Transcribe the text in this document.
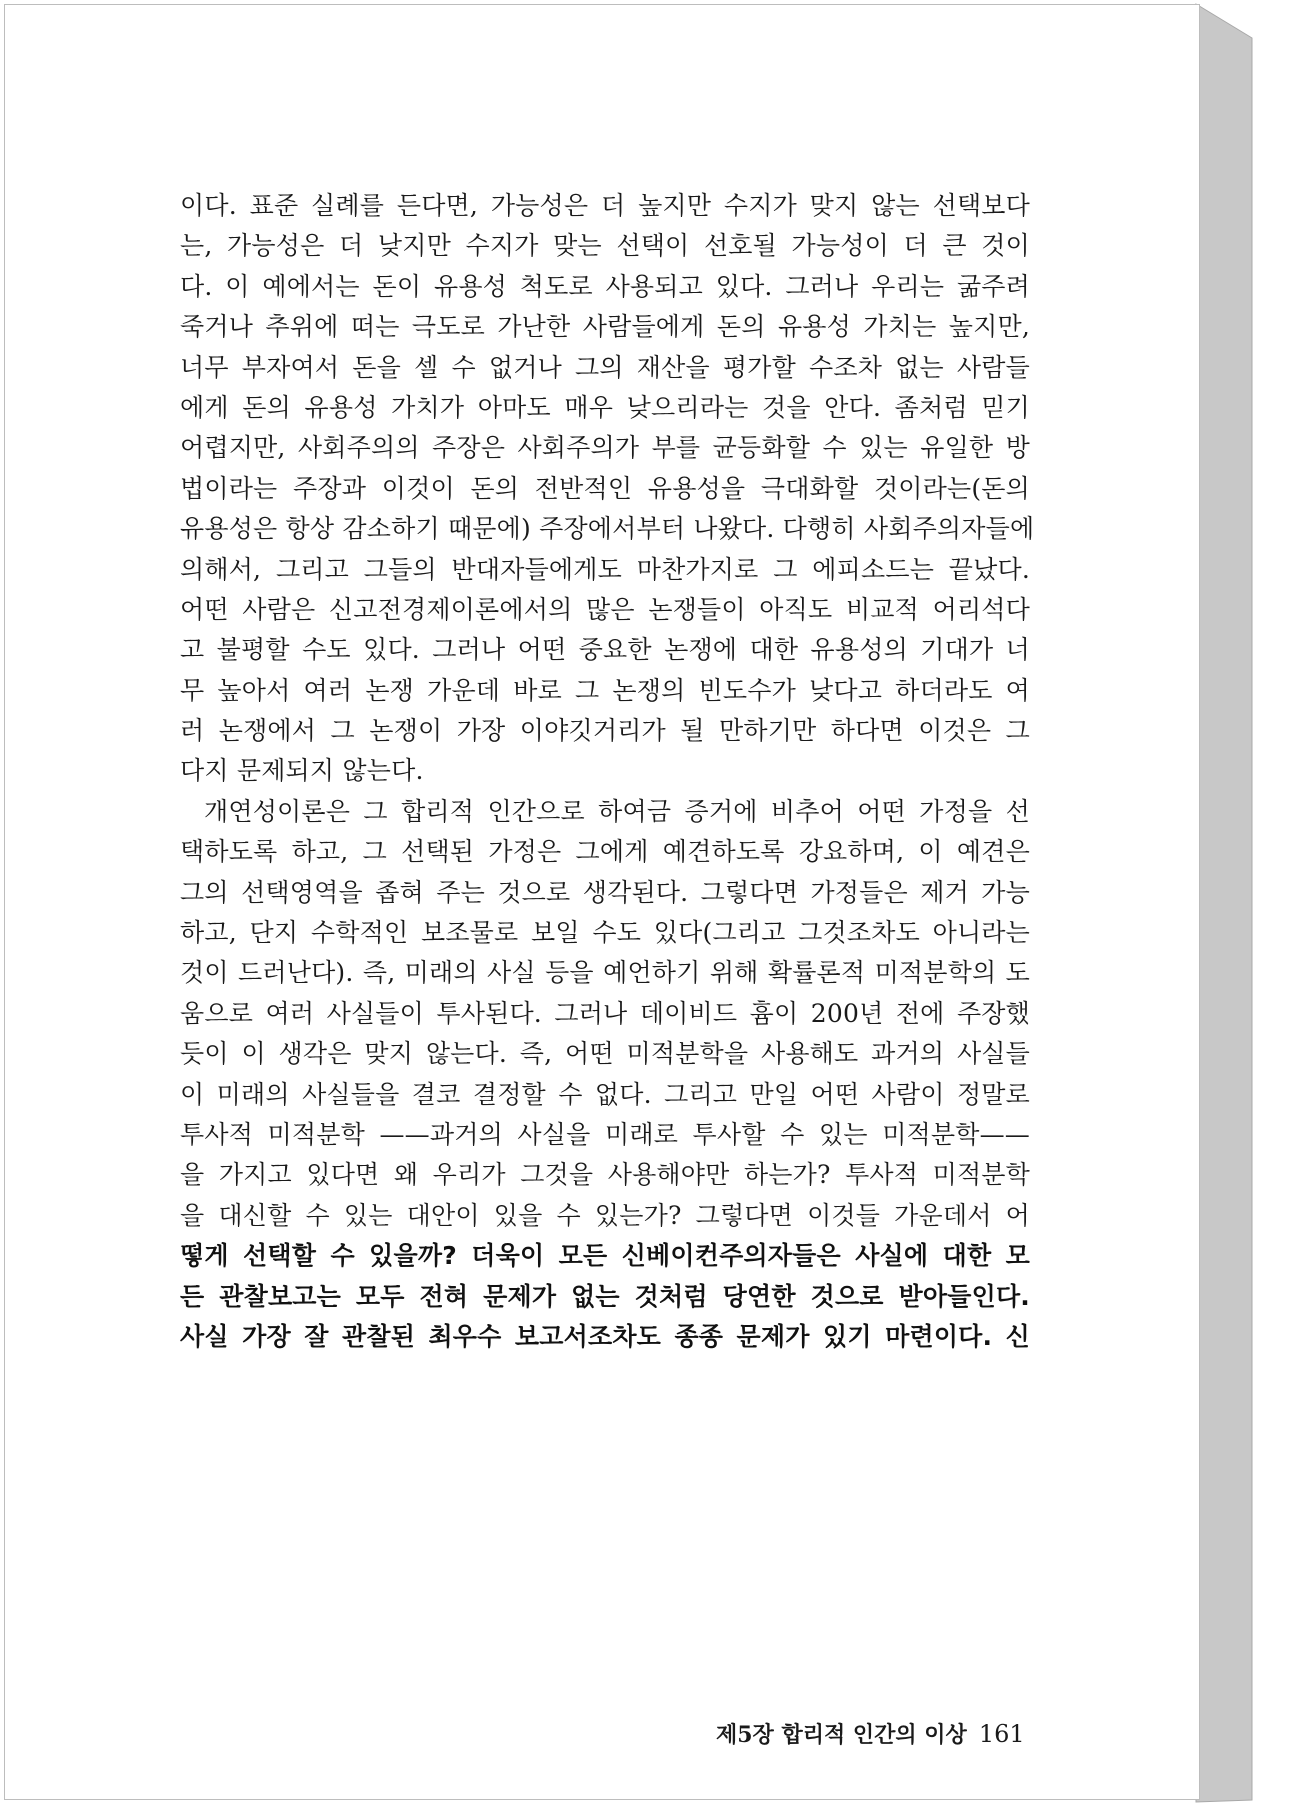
이다. 표준 실례를 든다면, 가능성은 더 높지만 수지가 맞지 않는 선택보다
는, 가능성은 더 낮지만 수지가 맞는 선택이 선호될 가능성이 더 큰 것이
다. 이 예에서는 돈이 유용성 척도로 사용되고 있다. 그러나 우리는 굶주려
죽거나 추위에 떠는 극도로 가난한 사람들에게 돈의 유용성 가치는 높지만,
너무 부자여서 돈을 셀 수 없거나 그의 재산을 평가할 수조차 없는 사람들
에게 돈의 유용성 가치가 아마도 매우 낮으리라는 것을 안다. 좀처럼 믿기
어렵지만, 사회주의의 주장은 사회주의가 부를 균등화할 수 있는 유일한 방
법이라는 주장과 이것이 돈의 전반적인 유용성을 극대화할 것이라는(돈의
유용성은 항상 감소하기 때문에) 주장에서부터 나왔다. 다행히 사회주의자들에
의해서, 그리고 그들의 반대자들에게도 마찬가지로 그 에피소드는 끝났다.
어떤 사람은 신고전경제이론에서의 많은 논쟁들이 아직도 비교적 어리석다
고 불평할 수도 있다. 그러나 어떤 중요한 논쟁에 대한 유용성의 기대가 너
무 높아서 여러 논쟁 가운데 바로 그 논쟁의 빈도수가 낮다고 하더라도 여
러 논쟁에서 그 논쟁이 가장 이야깃거리가 될 만하기만 하다면 이것은 그
다지 문제되지 않는다.
개연성이론은 그 합리적 인간으로 하여금 증거에 비추어 어떤 가정을 선
택하도록 하고, 그 선택된 가정은 그에게 예견하도록 강요하며, 이 예견은
그의 선택영역을 좁혀 주는 것으로 생각된다. 그렇다면 가정들은 제거 가능
하고, 단지 수학적인 보조물로 보일 수도 있다(그리고 그것조차도 아니라는
것이 드러난다). 즉, 미래의 사실 등을 예언하기 위해 확률론적 미적분학의 도
움으로 여러 사실들이 투사된다. 그러나 데이비드 흄이 200년 전에 주장했
듯이 이 생각은 맞지 않는다. 즉, 어떤 미적분학을 사용해도 과거의 사실들
이 미래의 사실들을 결코 결정할 수 없다. 그리고 만일 어떤 사람이 정말로
투사적 미적분학 ——과거의 사실을 미래로 투사할 수 있는 미적분학——
을 가지고 있다면 왜 우리가 그것을 사용해야만 하는가? 투사적 미적분학
을 대신할 수 있는 대안이 있을 수 있는가? 그렇다면 이것들 가운데서 어
떻게 선택할 수 있을까? 더욱이 모든 신베이컨주의자들은 사실에 대한 모
든 관찰보고는 모두 전혀 문제가 없는 것처럼 당연한 것으로 받아들인다.
사실 가장 잘 관찰된 최우수 보고서조차도 종종 문제가 있기 마련이다. 신
제5장 합리적 인간의 이상 161
